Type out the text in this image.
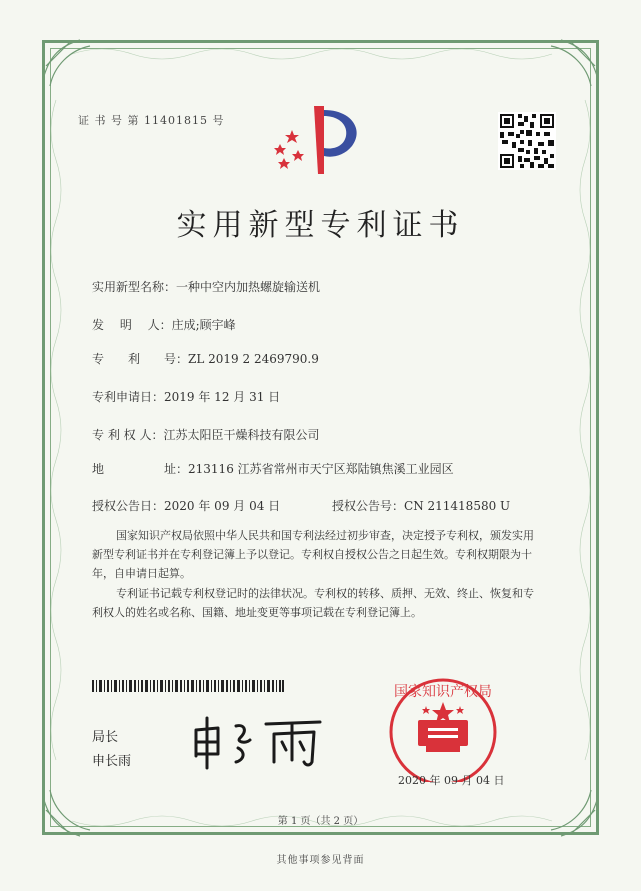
证 书 号 第 11401815 号
实用新型专利证书
实用新型名称：一种中空内加热螺旋输送机
发　 明　 人：庄成;顾宇峰
专　　利　　号：ZL 2019 2 2469790.9
专利申请日：2019 年 12 月 31 日
专 利 权 人：江苏太阳臣干燥科技有限公司
地　　　　　址：213116 江苏省常州市天宁区郑陆镇焦溪工业园区
授权公告日：2020 年 09 月 04 日	授权公告号：CN 211418580 U
国家知识产权局依照中华人民共和国专利法经过初步审查，决定授予专利权，颁发实用
新型专利证书并在专利登记簿上予以登记。专利权自授权公告之日起生效。专利权期限为十
年，自申请日起算。
专利证书记载专利权登记时的法律状况。专利权的转移、质押、无效、终止、恢复和专
利权人的姓名或名称、国籍、地址变更等事项记载在专利登记簿上。
局长
申长雨
国家知识产权局
2020 年 09 月 04 日
第 1 页（共 2 页）
其他事项参见背面
